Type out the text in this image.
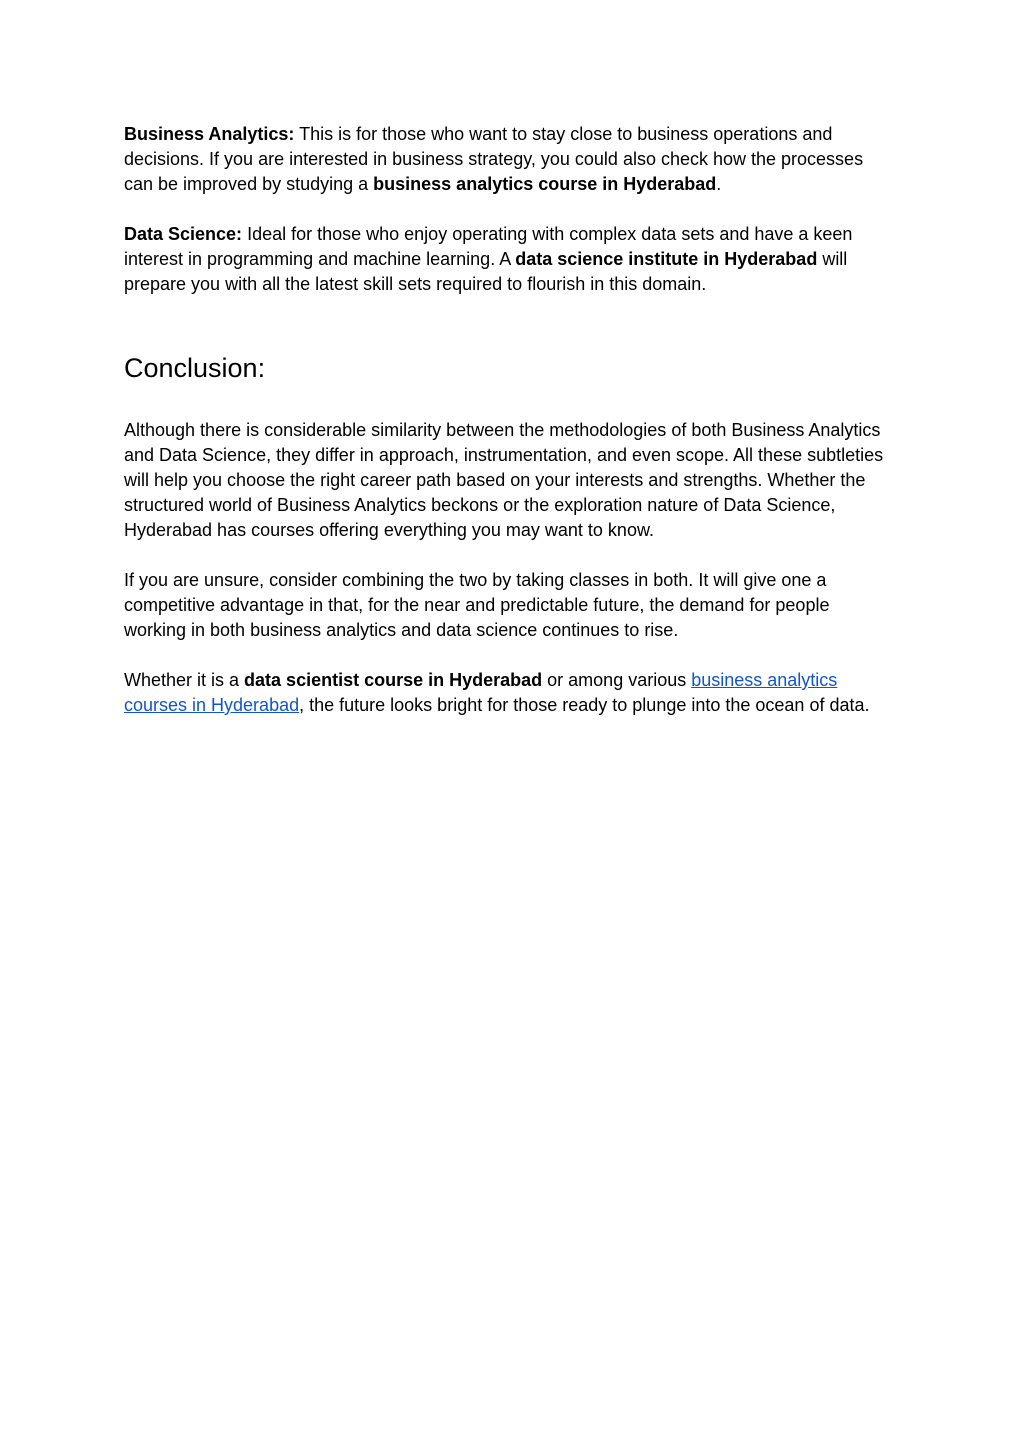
Business Analytics: This is for those who want to stay close to business operations and decisions. If you are interested in business strategy, you could also check how the processes can be improved by studying a business analytics course in Hyderabad.

Data Science: Ideal for those who enjoy operating with complex data sets and have a keen interest in programming and machine learning. A data science institute in Hyderabad will prepare you with all the latest skill sets required to flourish in this domain.

Conclusion:

Although there is considerable similarity between the methodologies of both Business Analytics and Data Science, they differ in approach, instrumentation, and even scope. All these subtleties will help you choose the right career path based on your interests and strengths. Whether the structured world of Business Analytics beckons or the exploration nature of Data Science, Hyderabad has courses offering everything you may want to know.

If you are unsure, consider combining the two by taking classes in both. It will give one a competitive advantage in that, for the near and predictable future, the demand for people working in both business analytics and data science continues to rise.

Whether it is a data scientist course in Hyderabad or among various business analytics courses in Hyderabad, the future looks bright for those ready to plunge into the ocean of data.
